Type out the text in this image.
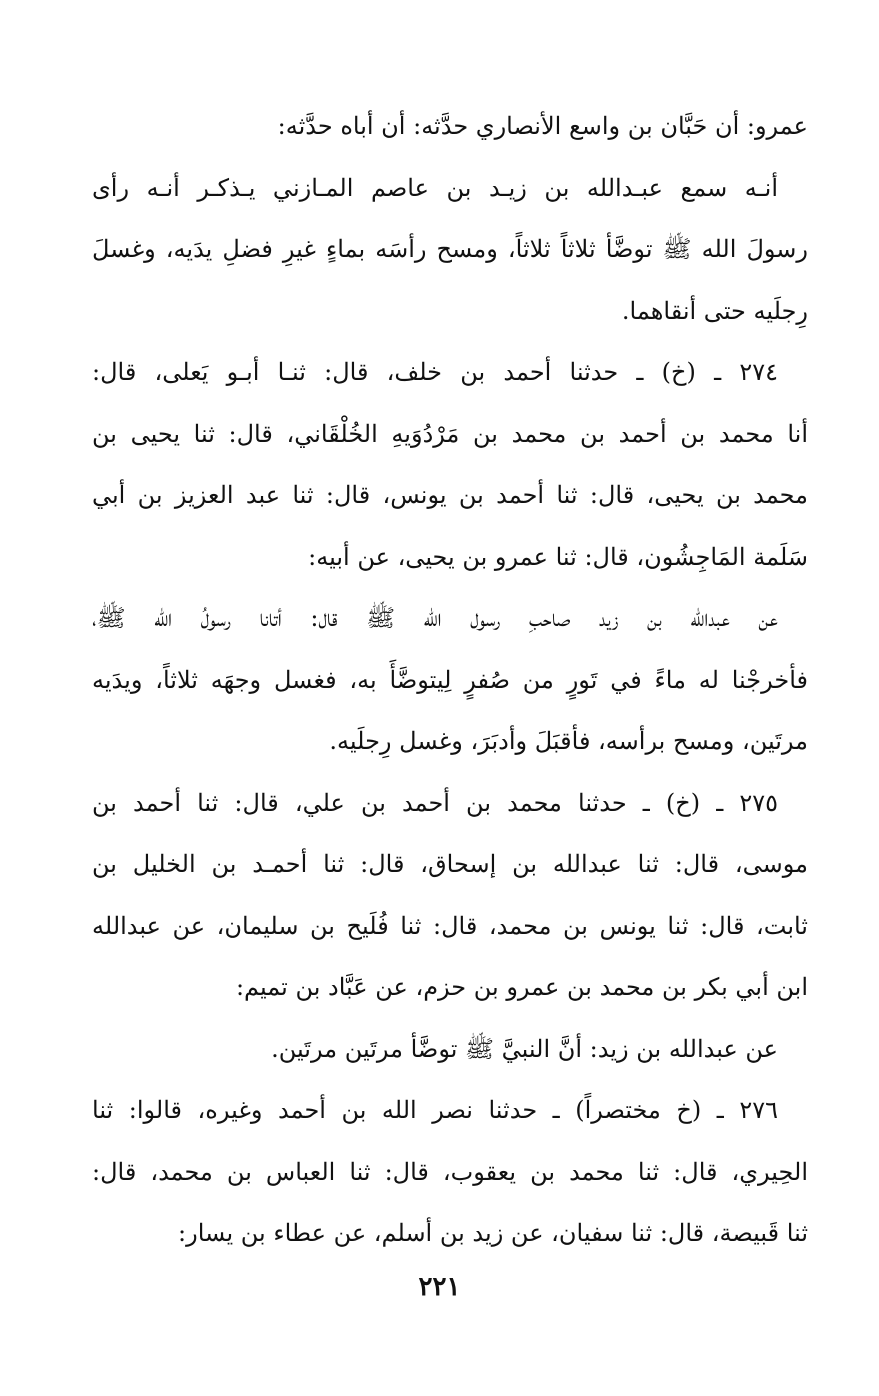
عمرو: أن حَبَّان بن واسع الأنصاري حدَّثه: أن أباه حدَّثه:
أنـه سمع عبـدالله بن زيـد بن عاصم المـازني يـذكـر أنـه رأى
رسولَ الله ﷺ توضَّأ ثلاثاً ثلاثاً، ومسح رأسَه بماءٍ غيرِ فضلِ يدَيه، وغسلَ
رِجلَيه حتى أنقاهما.
٢٧٤ ـ (خ) ـ حدثنا أحمد بن خلف، قال: ثنـا أبـو يَعلى، قال:
أنا محمد بن أحمد بن محمد بن مَرْدُوَيهِ الخُلْقَاني، قال: ثنا يحيى بن
محمد بن يحيى، قال: ثنا أحمد بن يونس، قال: ثنا عبد العزيز بن أبي
سَلَمة المَاجِشُون، قال: ثنا عمرو بن يحيى، عن أبيه:
عن عبدالله بن زيد صاحبِ رسول الله ﷺ قال: أتانا رسولُ الله ﷺ،
فأخرجْنا له ماءً في تَورٍ من صُفرٍ لِيتوضَّأَ به، فغسل وجهَه ثلاثاً، ويدَيه
مرتَين، ومسح برأسه، فأقبَلَ وأدبَرَ، وغسل رِجلَيه.
٢٧٥ ـ (خ) ـ حدثنا محمد بن أحمد بن علي، قال: ثنا أحمد بن
موسى، قال: ثنا عبدالله بن إسحاق، قال: ثنا أحمـد بن الخليل بن
ثابت، قال: ثنا يونس بن محمد، قال: ثنا فُلَيح بن سليمان، عن عبدالله
ابن أبي بكر بن محمد بن عمرو بن حزم، عن عَبَّاد بن تميم:
عن عبدالله بن زيد: أنَّ النبيَّ ﷺ توضَّأ مرتَين مرتَين.
٢٧٦ ـ (خ مختصراً) ـ حدثنا نصر الله بن أحمد وغيره، قالوا: ثنا
الحِيري، قال: ثنا محمد بن يعقوب، قال: ثنا العباس بن محمد، قال:
ثنا قَبيصة، قال: ثنا سفيان، عن زيد بن أسلم، عن عطاء بن يسار:
٢٢١
